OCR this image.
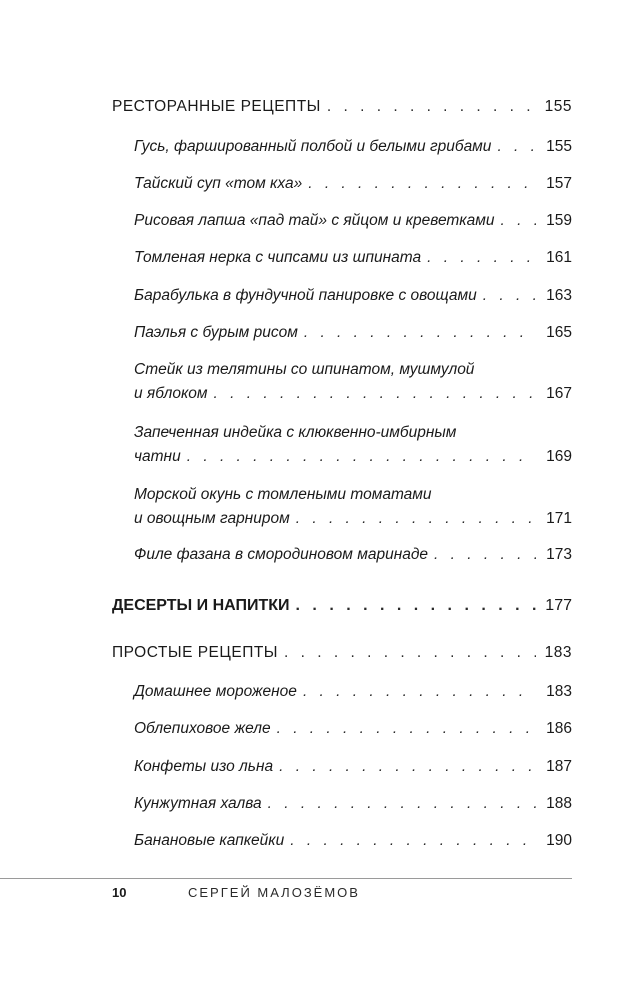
РЕСТОРАННЫЕ РЕЦЕПТЫ . . .	155
Гусь, фаршированный полбой и белыми грибами . . .	155
Тайский суп «том кха» . . .	157
Рисовая лапша «пад тай» с яйцом и креветками . . .	159
Томленая нерка с чипсами из шпината . . .	161
Барабулька в фундучной панировке с овощами . . .	163
Паэлья с бурым рисом . . .	165
Стейк из телятины со шпинатом, мушмулой
и яблоком . . .	167
Запеченная индейка с клюквенно-имбирным
чатни . . .	169
Морской окунь с томлеными томатами
и овощным гарниром . . .	171
Филе фазана в смородиновом маринаде . . .	173
ДЕСЕРТЫ И НАПИТКИ . . .	177
ПРОСТЫЕ РЕЦЕПТЫ . . .	183
Домашнее мороженое . . .	183
Облепиховое желе . . .	186
Конфеты изо льна . . .	187
Кунжутная халва . . .	188
Банановые капкейки . . .	190
10	СЕРГЕЙ МАЛОЗЁМОВ
